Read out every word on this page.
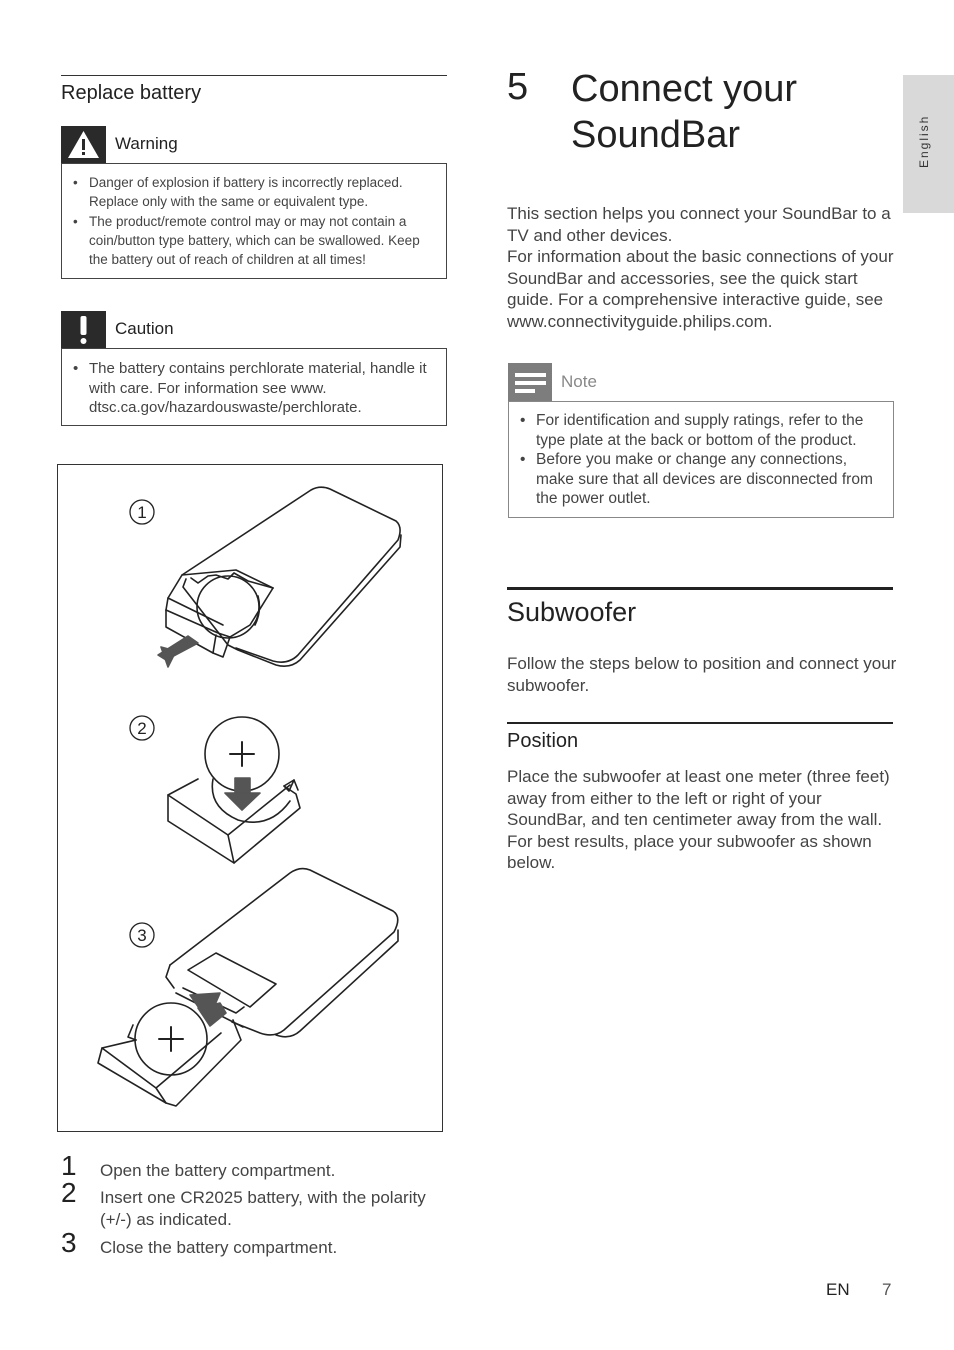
Replace battery
Warning
• Danger of explosion if battery is incorrectly replaced. Replace only with the same or equivalent type.
• The product/remote control may or may not contain a coin/button type battery, which can be swallowed. Keep the battery out of reach of children at all times!
Caution
• The battery contains perchlorate material, handle it with care. For information see www. dtsc.ca.gov/hazardouswaste/perchlorate.
1
2
3
1 Open the battery compartment.
2 Insert one CR2025 battery, with the polarity (+/-) as indicated.
3 Close the battery compartment.
5 Connect your SoundBar
This section helps you connect your SoundBar to a TV and other devices.
For information about the basic connections of your SoundBar and accessories, see the quick start guide. For a comprehensive interactive guide, see www.connectivityguide.philips.com.
Note
• For identification and supply ratings, refer to the type plate at the back or bottom of the product.
• Before you make or change any connections, make sure that all devices are disconnected from the power outlet.
Subwoofer
Follow the steps below to position and connect your subwoofer.
Position
Place the subwoofer at least one meter (three feet) away from either to the left or right of your SoundBar, and ten centimeter away from the wall. For best results, place your subwoofer as shown below.
English
EN 7
